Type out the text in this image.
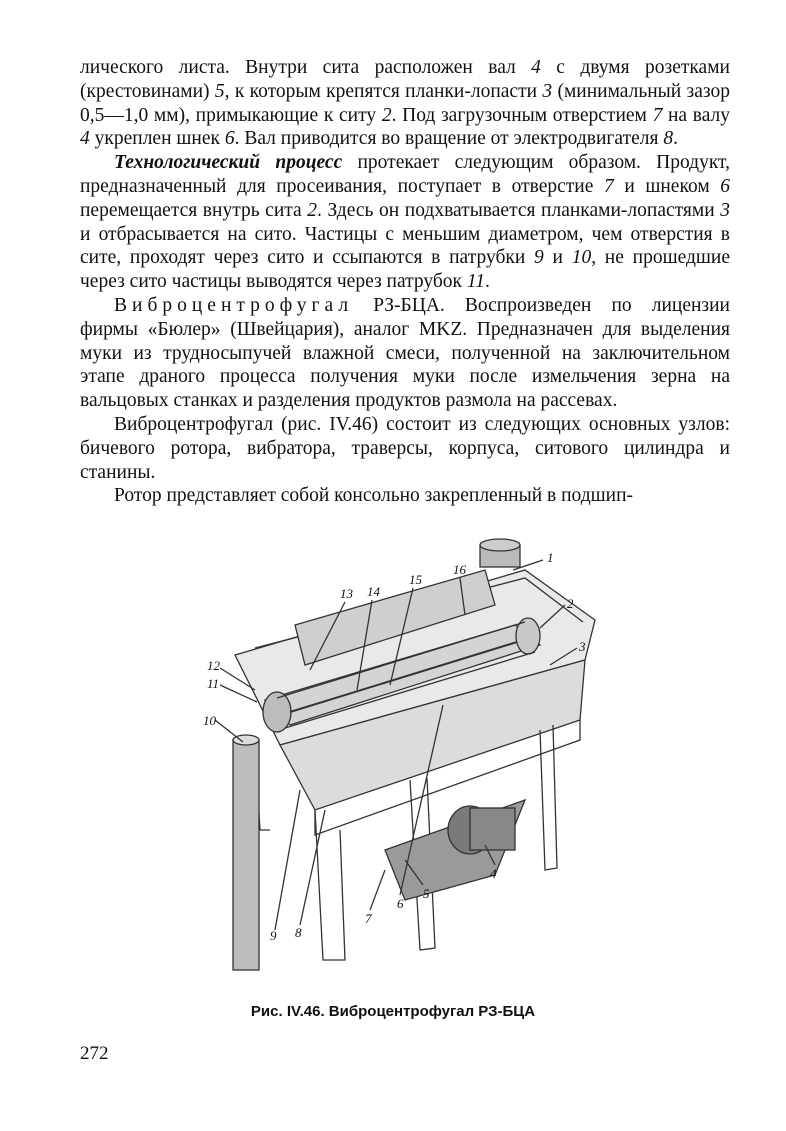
лического листа. Внутри сита расположен вал 4 с двумя розетками (крестовинами) 5, к которым крепятся планки-лопасти 3 (минимальный зазор 0,5—1,0 мм), примыкающие к ситу 2. Под загрузочным отверстием 7 на валу 4 укреплен шнек 6. Вал приводится во вращение от электродвигателя 8.

Технологический процесс протекает следующим образом. Продукт, предназначенный для просеивания, поступает в отверстие 7 и шнеком 6 перемещается внутрь сита 2. Здесь он подхватывается планками-лопастями 3 и отбрасывается на сито. Частицы с меньшим диаметром, чем отверстия в сите, проходят через сито и ссыпаются в патрубки 9 и 10, не прошедшие через сито частицы выводятся через патрубок 11.

Виброцентрофугал РЗ-БЦА. Воспроизведен по лицензии фирмы «Бюлер» (Швейцария), аналог MKZ. Предназначен для выделения муки из трудносыпучей влажной смеси, полученной на заключительном этапе драного процесса получения муки после измельчения зерна на вальцовых станках и разделения продуктов размола на рассевах.

Виброцентрофугал (рис. IV.46) состоит из следующих основных узлов: бичевого ротора, вибратора, траверсы, корпуса, ситового цилиндра и станины.

Ротор представляет собой консольно закрепленный в подшип-

1
2
3
4
5
6
7
8
9
10
11
12
13 14
15
16
Рис. IV.46. Виброцентрофугал РЗ-БЦА
272
